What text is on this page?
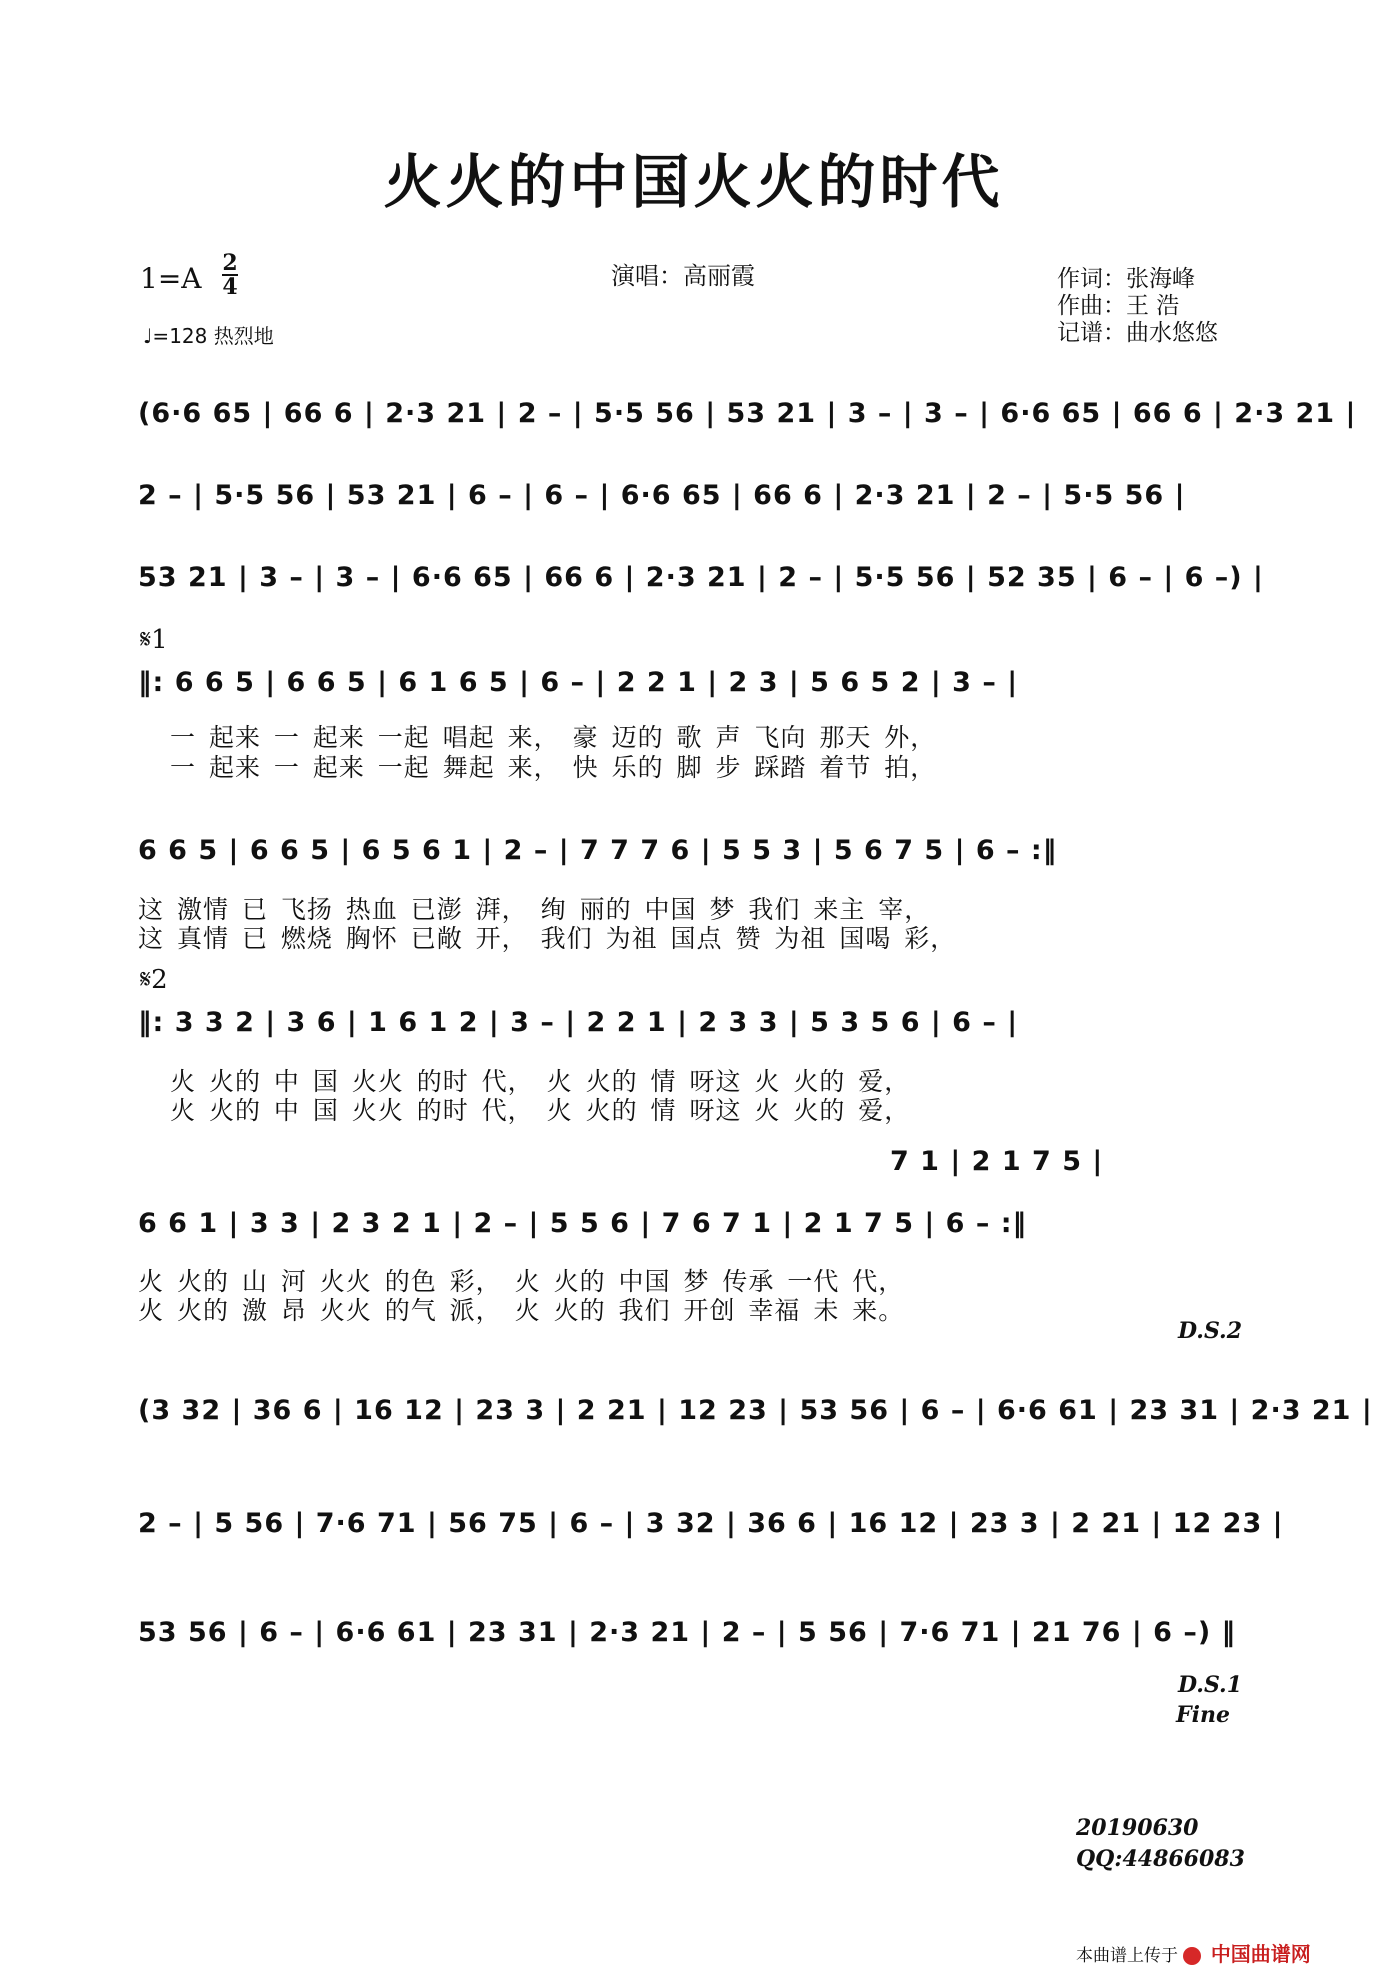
火火的中国火火的时代
1=A 2
4
♩=128 热烈地
演唱：高丽霞	作词：张海峰
作曲：王 浩
记谱：曲水悠悠
(6·6 65 | 66 6 | 2·3 21 | 2 – | 5·5 56 | 53 21 | 3 – | 3 – | 6·6 65 | 66 6 | 2·3 21 |
2 – | 5·5 56 | 53 21 | 6 – | 6 – | 6·6 65 | 66 6 | 2·3 21 | 2 – | 5·5 56 |
53 21 | 3 – | 3 – | 6·6 65 | 66 6 | 2·3 21 | 2 – | 5·5 56 | 52 35 | 6 – | 6 –) |
𝄋1
‖: 6 6 5 | 6 6 5 | 6 1 6 5 | 6 – | 2 2 1 | 2 3 | 5 6 5 2 | 3 – |
一 起来 一 起来 一起 唱起 来， 豪 迈的 歌 声 飞向 那天 外，
一 起来 一 起来 一起 舞起 来， 快 乐的 脚 步 踩踏 着节 拍，
6 6 5 | 6 6 5 | 6 5 6 1 | 2 – | 7 7 7 6 | 5 5 3 | 5 6 7 5 | 6 – :‖
这 激情 已 飞扬 热血 已澎 湃， 绚 丽的 中国 梦 我们 来主 宰，
这 真情 已 燃烧 胸怀 已敞 开， 我们 为祖 国点 赞 为祖 国喝 彩，
𝄋2
‖: 3 3 2 | 3 6 | 1 6 1 2 | 3 – | 2 2 1 | 2 3 3 | 5 3 5 6 | 6 – |
火 火的 中 国 火火 的时 代， 火 火的 情 呀这 火 火的 爱，
火 火的 中 国 火火 的时 代， 火 火的 情 呀这 火 火的 爱，
7 1 | 2 1 7 5 |
6 6 1 | 3 3 | 2 3 2 1 | 2 – | 5 5 6 | 7 6 7 1 | 2 1 7 5 | 6 – :‖
火 火的 山 河 火火 的色 彩， 火 火的 中国 梦 传承 一代 代，
火 火的 激 昂 火火 的气 派， 火 火的 我们 开创 幸福 未 来。
D.S.2
(3 32 | 36 6 | 16 12 | 23 3 | 2 21 | 12 23 | 53 56 | 6 – | 6·6 61 | 23 31 | 2·3 21 |
2 – | 5 56 | 7·6 71 | 56 75 | 6 – | 3 32 | 36 6 | 16 12 | 23 3 | 2 21 | 12 23 |
53 56 | 6 – | 6·6 61 | 23 31 | 2·3 21 | 2 – | 5 56 | 7·6 71 | 21 76 | 6 –) ‖
D.S.1
Fine
20190630
QQ:44866083
本曲谱上传于 中国曲谱网
